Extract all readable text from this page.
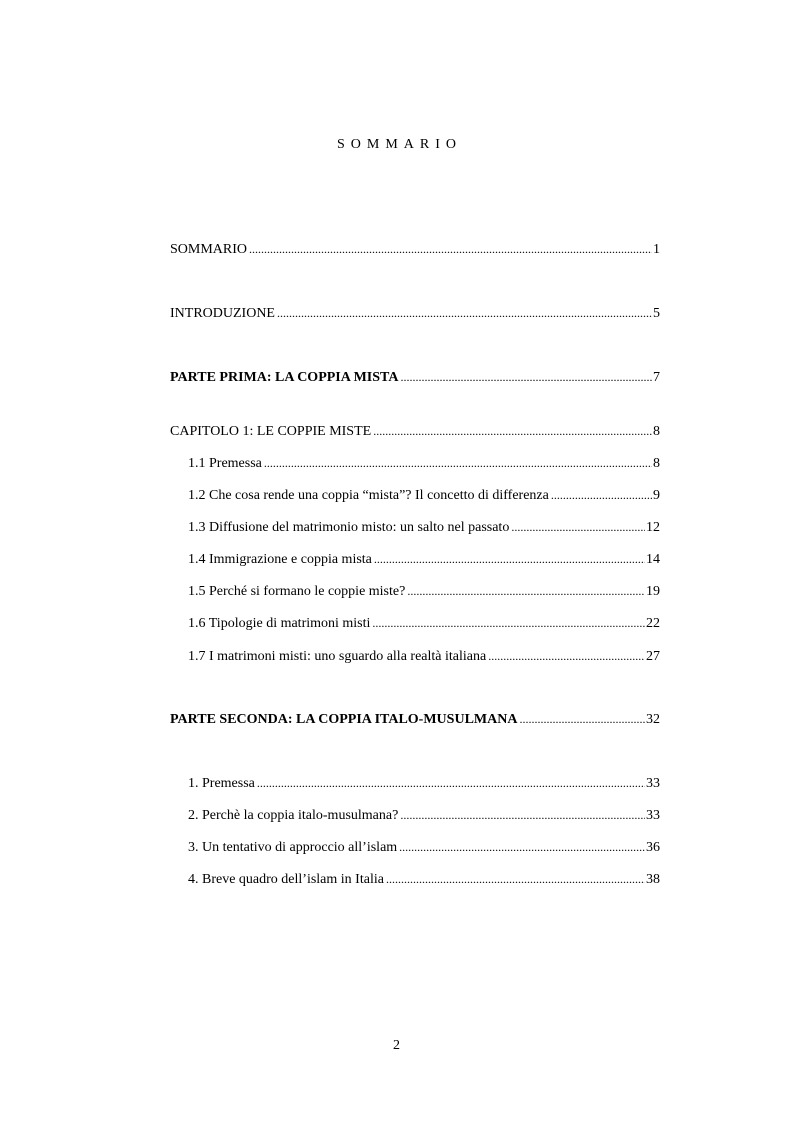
SOMMARIO
SOMMARIO .....	1
INTRODUZIONE .....	5
PARTE PRIMA: LA COPPIA MISTA .....	7
CAPITOLO 1: LE COPPIE MISTE .....	8
1.1 Premessa .....	8
1.2 Che cosa rende una coppia “mista”? Il concetto di differenza .....	9
1.3 Diffusione del matrimonio misto: un salto nel passato .....	12
1.4 Immigrazione e coppia mista .....	14
1.5 Perché si formano le coppie miste? .....	19
1.6 Tipologie di matrimoni misti .....	22
1.7 I matrimoni misti: uno sguardo alla realtà italiana .....	27
PARTE SECONDA: LA COPPIA ITALO-MUSULMANA .....	32
1. Premessa .....	33
2. Perchè la coppia italo-musulmana? .....	33
3. Un tentativo di approccio all’islam .....	36
4. Breve quadro dell’islam in Italia .....	38
2
